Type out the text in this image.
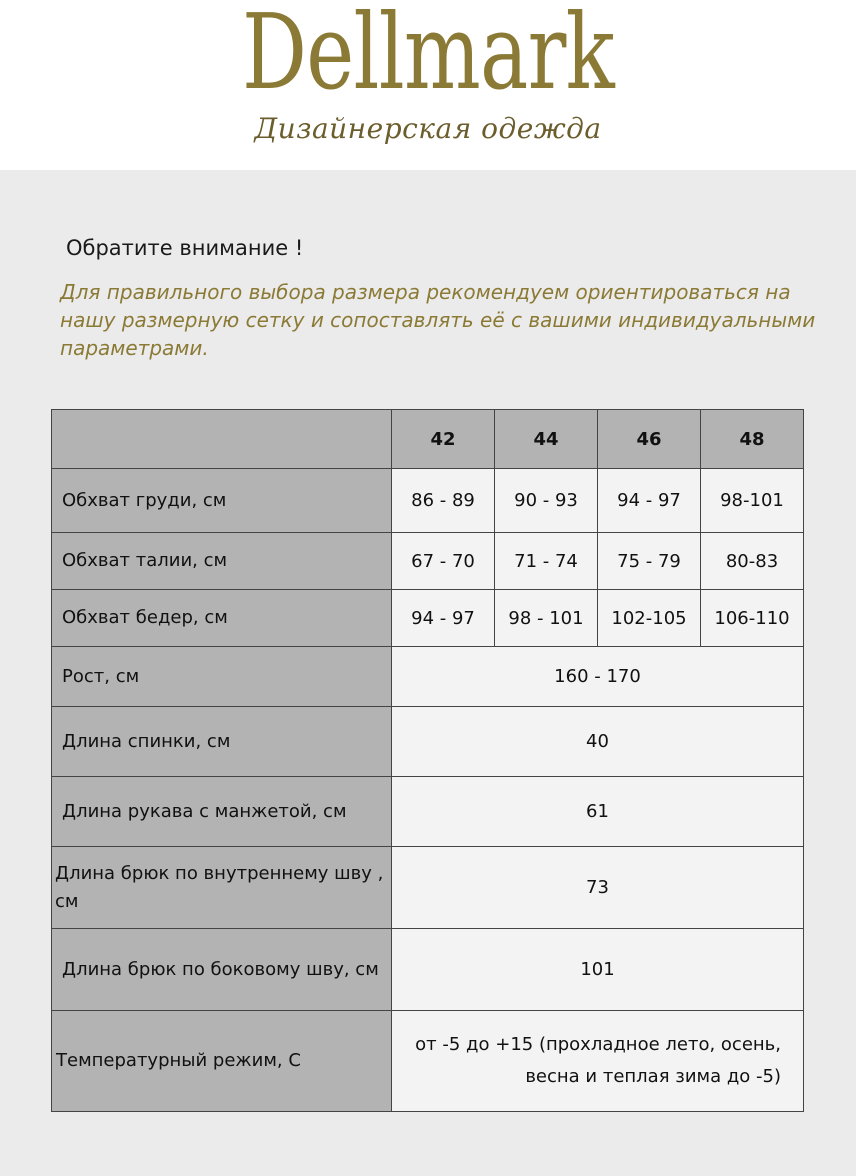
Dellmark
Дизайнерская одежда
Обратите внимание !
Для правильного выбора размера рекомендуем ориентироваться на нашу размерную сетку и сопоставлять её с вашими индивидуальными параметрами.
	42	44	46	48
Обхват груди, см	86 - 89	90 - 93	94 - 97	98-101
Обхват талии, см	67 - 70	71 - 74	75 - 79	80-83
Обхват бедер, см	94 - 97	98 - 101	102-105	106-110
Рост, см	160 - 170			
Длина спинки, см	40			
Длина рукава с манжетой, см	61			
Длина брюк по внутреннему шву , см	73			
Длина брюк по боковому шву, см	101			
Температурный режим, С	от -5 до +15 (прохладное лето, осень, весна и теплая зима до -5)			
